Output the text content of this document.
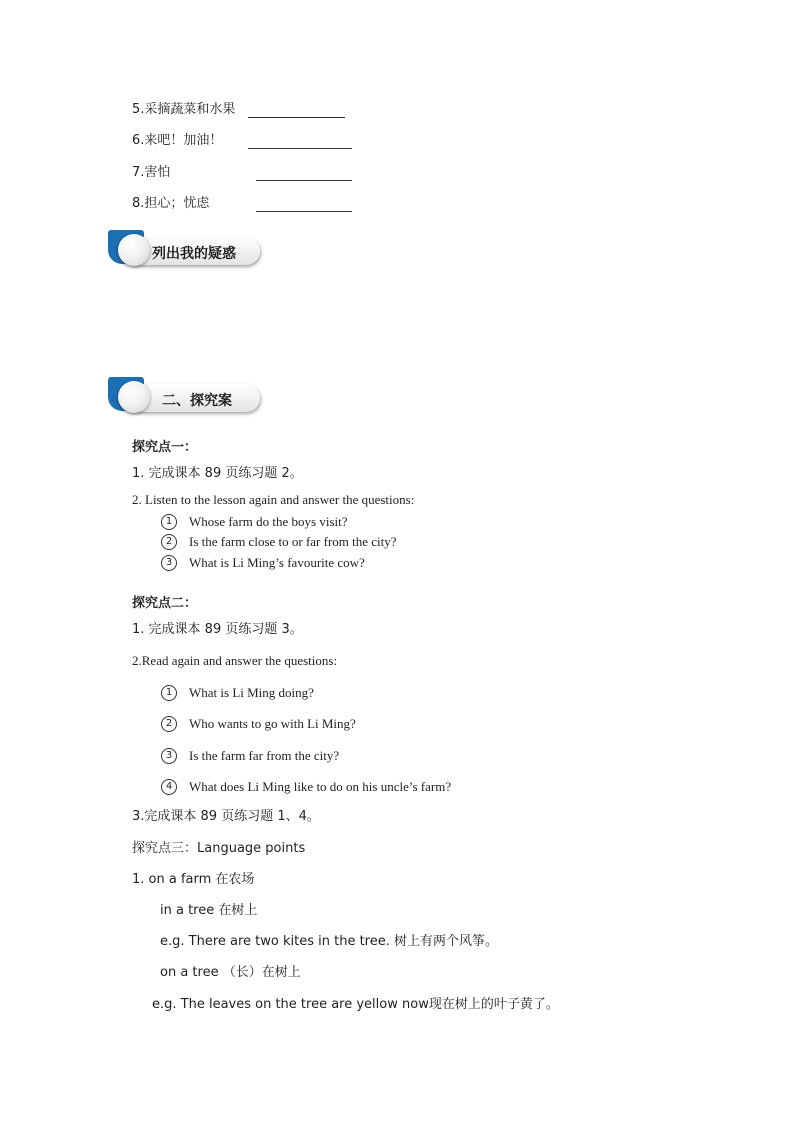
5.采摘蔬菜和水果
6.来吧！加油！
7.害怕
8.担心；忧虑
列出我的疑惑
二、探究案
探究点一：
1. 完成课本 89 页练习题 2。
2. Listen to the lesson again and answer the questions:
1	Whose farm do the boys visit?
2	Is the farm close to or far from the city?
3	What is Li Ming’s favourite cow?
探究点二：
1. 完成课本 89 页练习题 3。
2.Read again and answer the questions:
1	What is Li Ming doing?
2	Who wants to go with Li Ming?
3	Is the farm far from the city?
4	What does Li Ming like to do on his uncle’s farm?
3.完成课本 89 页练习题 1、4。
探究点三：Language points
1. on a farm 在农场
in a tree 在树上
e.g. There are two kites in the tree. 树上有两个风筝。
on a tree （长）在树上
e.g. The leaves on the tree are yellow now现在树上的叶子黄了。
